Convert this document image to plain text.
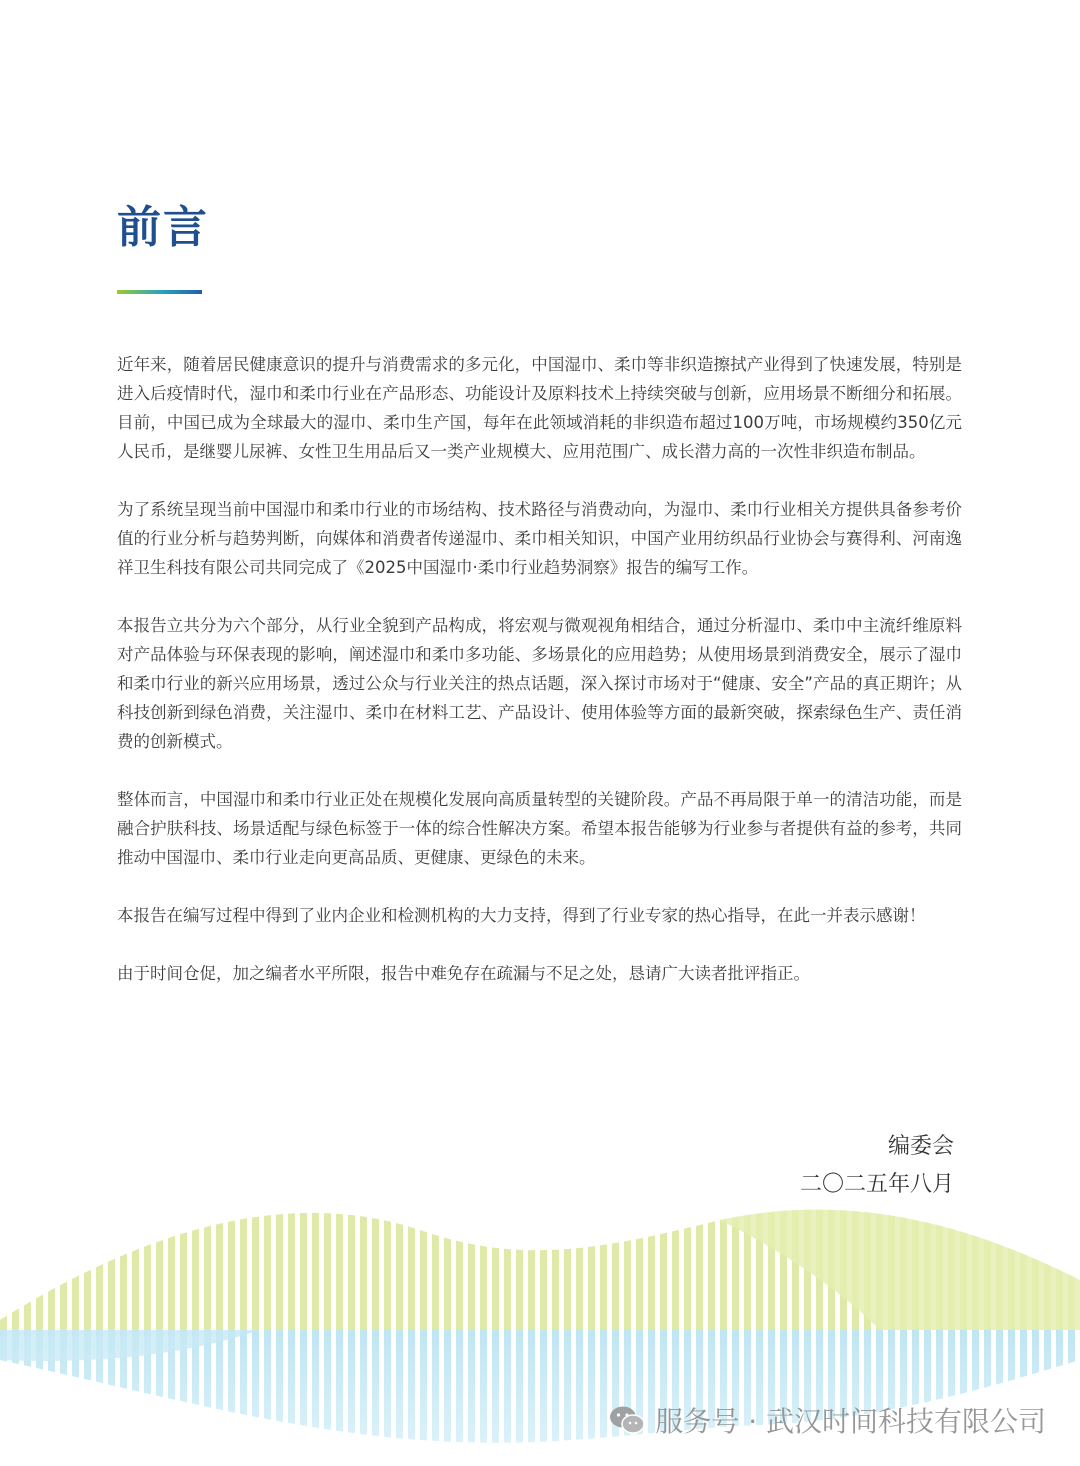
前言

近年来，随着居民健康意识的提升与消费需求的多元化，中国湿巾、柔巾等非织造擦拭产业得到了快速发展，特别是进入后疫情时代，湿巾和柔巾行业在产品形态、功能设计及原料技术上持续突破与创新，应用场景不断细分和拓展。目前，中国已成为全球最大的湿巾、柔巾生产国，每年在此领域消耗的非织造布超过100万吨，市场规模约350亿元人民币，是继婴儿尿裤、女性卫生用品后又一类产业规模大、应用范围广、成长潜力高的一次性非织造布制品。

为了系统呈现当前中国湿巾和柔巾行业的市场结构、技术路径与消费动向，为湿巾、柔巾行业相关方提供具备参考价值的行业分析与趋势判断，向媒体和消费者传递湿巾、柔巾相关知识，中国产业用纺织品行业协会与赛得利、河南逸祥卫生科技有限公司共同完成了《2025中国湿巾·柔巾行业趋势洞察》报告的编写工作。

本报告立共分为六个部分，从行业全貌到产品构成，将宏观与微观视角相结合，通过分析湿巾、柔巾中主流纤维原料对产品体验与环保表现的影响，阐述湿巾和柔巾多功能、多场景化的应用趋势；从使用场景到消费安全，展示了湿巾和柔巾行业的新兴应用场景，透过公众与行业关注的热点话题，深入探讨市场对于“健康、安全”产品的真正期许；从科技创新到绿色消费，关注湿巾、柔巾在材料工艺、产品设计、使用体验等方面的最新突破，探索绿色生产、责任消费的创新模式。

整体而言，中国湿巾和柔巾行业正处在规模化发展向高质量转型的关键阶段。产品不再局限于单一的清洁功能，而是融合护肤科技、场景适配与绿色标签于一体的综合性解决方案。希望本报告能够为行业参与者提供有益的参考，共同推动中国湿巾、柔巾行业走向更高品质、更健康、更绿色的未来。

本报告在编写过程中得到了业内企业和检测机构的大力支持，得到了行业专家的热心指导，在此一并表示感谢！

由于时间仓促，加之编者水平所限，报告中难免存在疏漏与不足之处，恳请广大读者批评指正。

编委会
二〇二五年八月
服务号 · 武汉时间科技有限公司
